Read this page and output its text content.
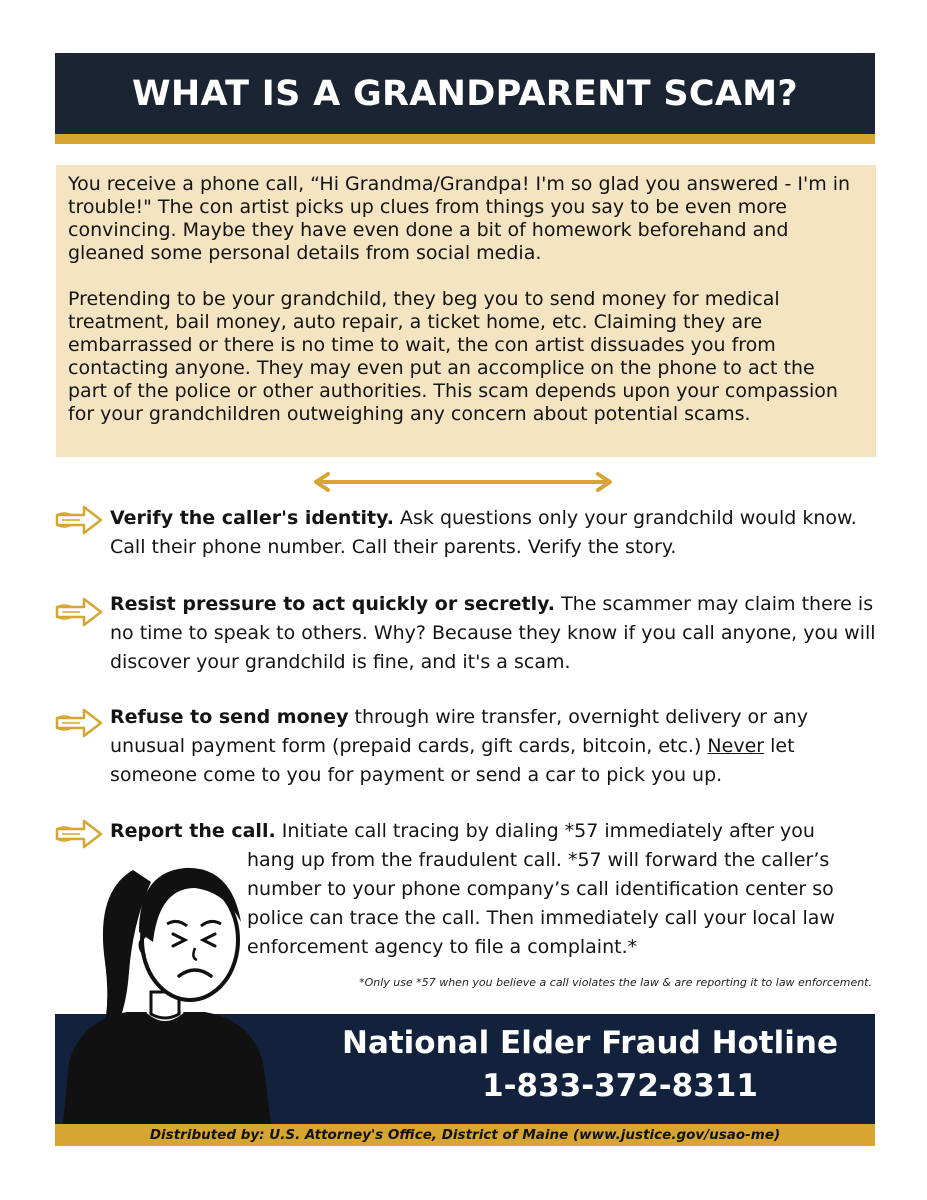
WHAT IS A GRANDPARENT SCAM?

You receive a phone call, “Hi Grandma/Grandpa! I'm so glad you answered - I'm in trouble!" The con artist picks up clues from things you say to be even more convincing. Maybe they have even done a bit of homework beforehand and gleaned some personal details from social media.

Pretending to be your grandchild, they beg you to send money for medical treatment, bail money, auto repair, a ticket home, etc. Claiming they are embarrassed or there is no time to wait, the con artist dissuades you from contacting anyone. They may even put an accomplice on the phone to act the part of the police or other authorities. This scam depends upon your compassion for your grandchildren outweighing any concern about potential scams.

Verify the caller's identity. Ask questions only your grandchild would know. Call their phone number. Call their parents. Verify the story.
Resist pressure to act quickly or secretly. The scammer may claim there is no time to speak to others. Why? Because they know if you call anyone, you will discover your grandchild is fine, and it's a scam.
Refuse to send money through wire transfer, overnight delivery or any unusual payment form (prepaid cards, gift cards, bitcoin, etc.) Never let someone come to you for payment or send a car to pick you up.
Report the call. Initiate call tracing by dialing *57 immediately after you
hang up from the fraudulent call. *57 will forward the caller’s number to your phone company’s call identification center so police can trace the call. Then immediately call your local law enforcement agency to file a complaint.*
*Only use *57 when you believe a call violates the law & are reporting it to law enforcement.
National Elder Fraud Hotline
1-833-372-8311
Distributed by: U.S. Attorney's Office, District of Maine (www.justice.gov/usao-me)
